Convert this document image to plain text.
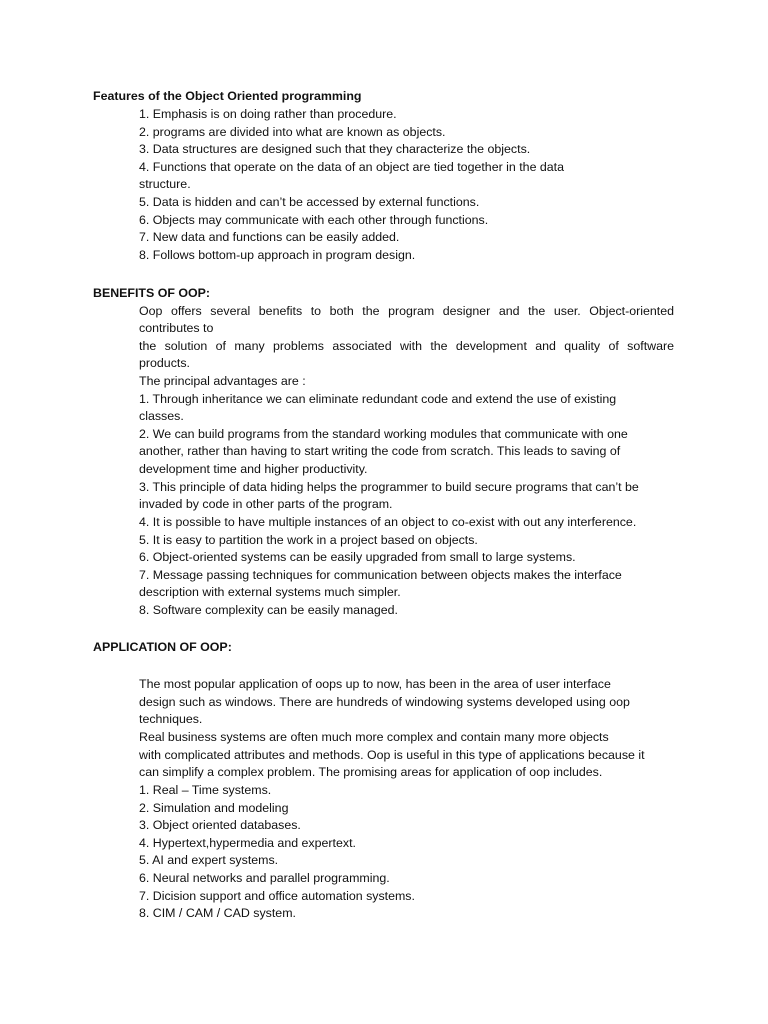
Features of the Object Oriented programming
1. Emphasis is on doing rather than procedure.
2. programs are divided into what are known as objects.
3. Data structures are designed such that they characterize the objects.
4. Functions that operate on the data of an object are tied together in the data
structure.
5. Data is hidden and can’t be accessed by external functions.
6. Objects may communicate with each other through functions.
7. New data and functions can be easily added.
8. Follows bottom-up approach in program design.
BENEFITS OF OOP:
Oop offers several benefits to both the program designer and the user. Object-oriented
contributes to
the solution of many problems associated with the development and quality of software
products.
The principal advantages are :
1. Through inheritance we can eliminate redundant code and extend the use of existing
classes.
2. We can build programs from the standard working modules that communicate with one
another, rather than having to start writing the code from scratch. This leads to saving of
development time and higher productivity.
3. This principle of data hiding helps the programmer to build secure programs that can’t be
invaded by code in other parts of the program.
4. It is possible to have multiple instances of an object to co-exist with out any interference.
5. It is easy to partition the work in a project based on objects.
6. Object-oriented systems can be easily upgraded from small to large systems.
7. Message passing techniques for communication between objects makes the interface
description with external systems much simpler.
8. Software complexity can be easily managed.
APPLICATION OF OOP:
The most popular application of oops up to now, has been in the area of user interface
design such as windows. There are hundreds of windowing systems developed using oop
techniques.
Real business systems are often much more complex and contain many more objects
with complicated attributes and methods. Oop is useful in this type of applications because it
can simplify a complex problem. The promising areas for application of oop includes.
1. Real – Time systems.
2. Simulation and modeling
3. Object oriented databases.
4. Hypertext,hypermedia and expertext.
5. AI and expert systems.
6. Neural networks and parallel programming.
7. Dicision support and office automation systems.
8. CIM / CAM / CAD system.
